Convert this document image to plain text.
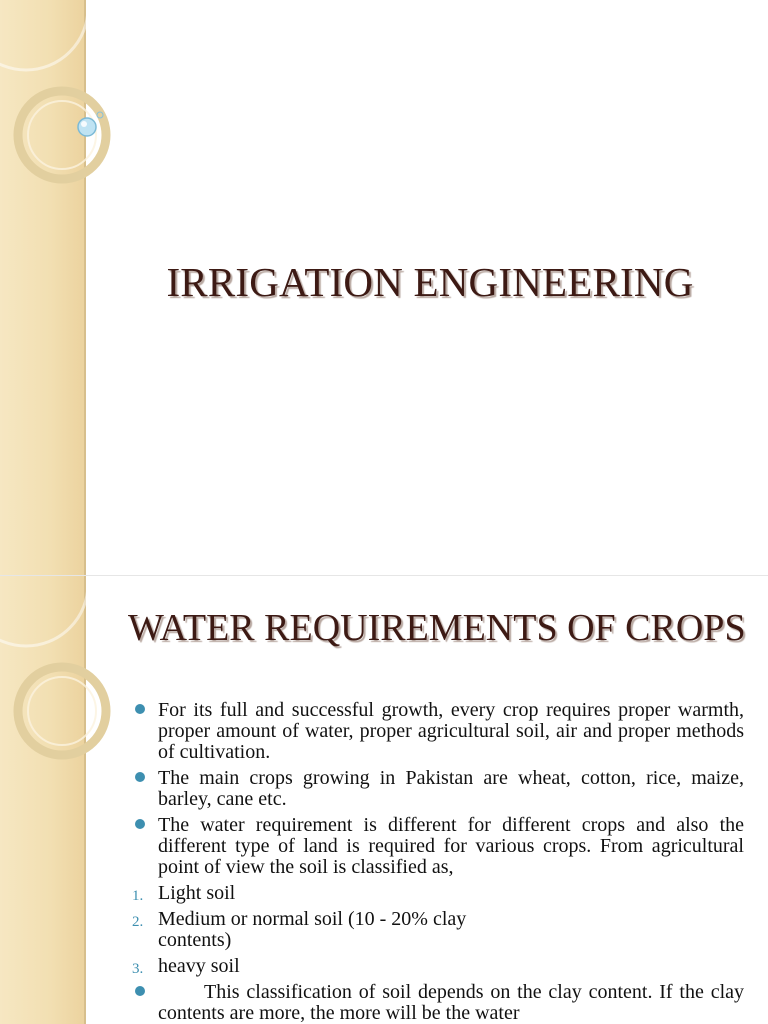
IRRIGATION ENGINEERING
WATER REQUIREMENTS OF CROPS
For its full and successful growth, every crop requires proper warmth, proper amount of water, proper agricultural soil, air and proper methods of cultivation.
The main crops growing in Pakistan are wheat, cotton, rice, maize, barley, cane etc.
The water requirement is different for different crops and also the different type of land is required for various crops. From agricultural point of view the soil is classified as,
1. Light soil
2. Medium or normal soil (10 - 20% clay contents)
3. heavy soil
This classification of soil depends on the clay content. If the clay contents are more, the more will be the water
